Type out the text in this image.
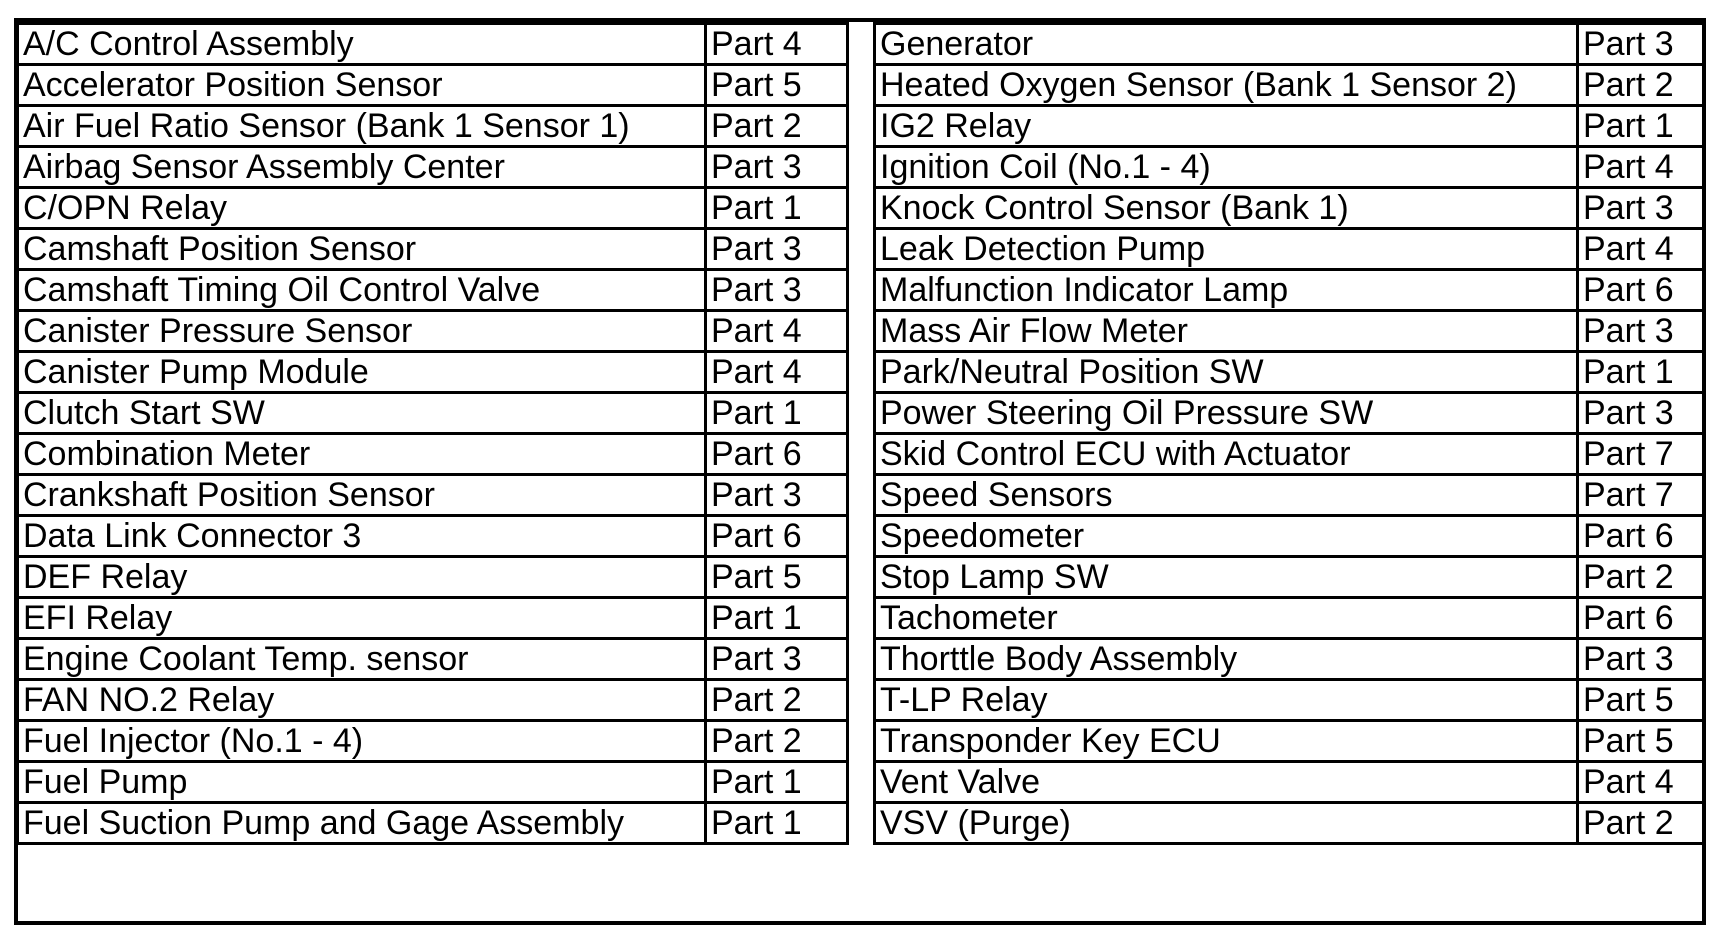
A/C Control Assembly	Part 4
Accelerator Position Sensor	Part 5
Air Fuel Ratio Sensor (Bank 1 Sensor 1)	Part 2
Airbag Sensor Assembly Center	Part 3
C/OPN Relay	Part 1
Camshaft Position Sensor	Part 3
Camshaft Timing Oil Control Valve	Part 3
Canister Pressure Sensor	Part 4
Canister Pump Module	Part 4
Clutch Start SW	Part 1
Combination Meter	Part 6
Crankshaft Position Sensor	Part 3
Data Link Connector 3	Part 6
DEF Relay	Part 5
EFI Relay	Part 1
Engine Coolant Temp. sensor	Part 3
FAN NO.2 Relay	Part 2
Fuel Injector (No.1 - 4)	Part 2
Fuel Pump	Part 1
Fuel Suction Pump and Gage Assembly	Part 1
Generator	Part 3
Heated Oxygen Sensor (Bank 1 Sensor 2)	Part 2
IG2 Relay	Part 1
Ignition Coil (No.1 - 4)	Part 4
Knock Control Sensor (Bank 1)	Part 3
Leak Detection Pump	Part 4
Malfunction Indicator Lamp	Part 6
Mass Air Flow Meter	Part 3
Park/Neutral Position SW	Part 1
Power Steering Oil Pressure SW	Part 3
Skid Control ECU with Actuator	Part 7
Speed Sensors	Part 7
Speedometer	Part 6
Stop Lamp SW	Part 2
Tachometer	Part 6
Thorttle Body Assembly	Part 3
T-LP Relay	Part 5
Transponder Key ECU	Part 5
Vent Valve	Part 4
VSV (Purge)	Part 2
